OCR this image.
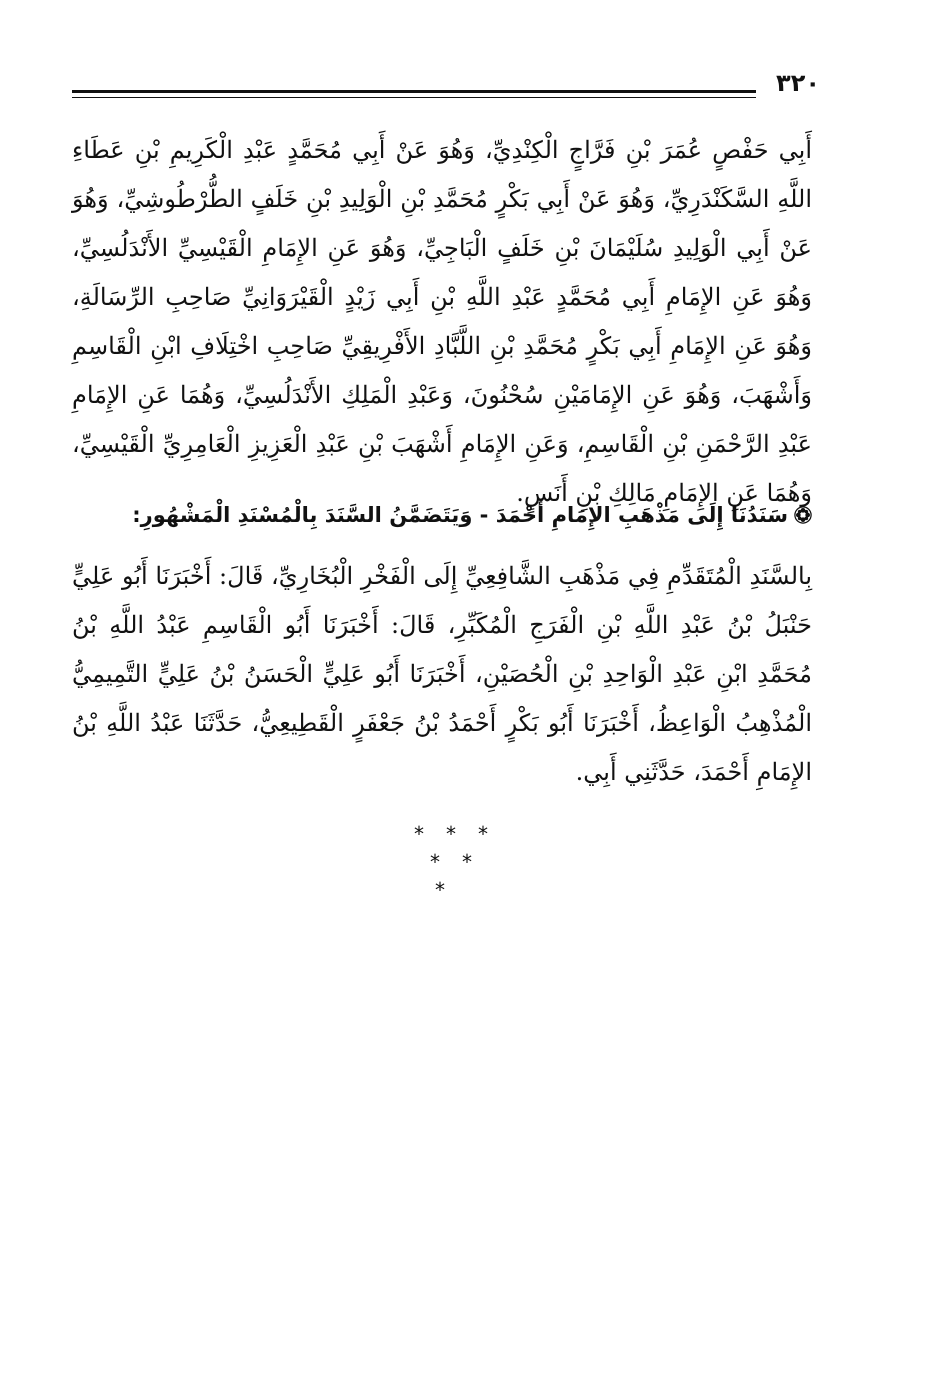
٣٢٠

أَبِي حَفْصٍ عُمَرَ بْنِ فَرَّاجٍ الْكِنْدِيِّ، وَهُوَ عَنْ أَبِي مُحَمَّدٍ عَبْدِ الْكَرِيمِ بْنِ عَطَاءِ اللَّهِ السَّكَنْدَرِيِّ، وَهُوَ عَنْ أَبِي بَكْرٍ مُحَمَّدِ بْنِ الْوَلِيدِ بْنِ خَلَفٍ الطُّرْطُوشِيِّ، وَهُوَ عَنْ أَبِي الْوَلِيدِ سُلَيْمَانَ بْنِ خَلَفٍ الْبَاجِيِّ، وَهُوَ عَنِ الإِمَامِ الْقَيْسِيِّ الأَنْدَلُسِيِّ، وَهُوَ عَنِ الإِمَامِ أَبِي مُحَمَّدٍ عَبْدِ اللَّهِ بْنِ أَبِي زَيْدٍ الْقَيْرَوَانِيِّ صَاحِبِ الرِّسَالَةِ، وَهُوَ عَنِ الإِمَامِ أَبِي بَكْرٍ مُحَمَّدِ بْنِ اللَّبَّادِ الأَفْرِيقِيِّ صَاحِبِ اخْتِلَافِ ابْنِ الْقَاسِمِ وَأَشْهَبَ، وَهُوَ عَنِ الإِمَامَيْنِ سُحْنُونَ، وَعَبْدِ الْمَلِكِ الأَنْدَلُسِيِّ، وَهُمَا عَنِ الإِمَامِ عَبْدِ الرَّحْمَنِ بْنِ الْقَاسِمِ، وَعَنِ الإِمَامِ أَشْهَبَ بْنِ عَبْدِ الْعَزِيزِ الْعَامِرِيِّ الْقَيْسِيِّ، وَهُمَا عَنِ الإِمَامِ مَالِكِ بْنِ أَنَسٍ.

سَنَدُنَا إِلَى مَذْهَبِ الإِمَامِ أَحْمَدَ - وَيَتَضَمَّنُ السَّنَدَ بِالْمُسْنَدِ الْمَشْهُورِ:

بِالسَّنَدِ الْمُتَقَدِّمِ فِي مَذْهَبِ الشَّافِعِيِّ إِلَى الْفَخْرِ الْبُخَارِيِّ، قَالَ: أَخْبَرَنَا أَبُو عَلِيٍّ حَنْبَلُ بْنُ عَبْدِ اللَّهِ بْنِ الْفَرَجِ الْمُكَبِّرِ، قَالَ: أَخْبَرَنَا أَبُو الْقَاسِمِ عَبْدُ اللَّهِ بْنُ مُحَمَّدِ ابْنِ عَبْدِ الْوَاحِدِ بْنِ الْحُصَيْنِ، أَخْبَرَنَا أَبُو عَلِيٍّ الْحَسَنُ بْنُ عَلِيٍّ التَّمِيمِيُّ الْمُذْهِبُ الْوَاعِظُ، أَخْبَرَنَا أَبُو بَكْرٍ أَحْمَدُ بْنُ جَعْفَرٍ الْقَطِيعِيُّ، حَدَّثَنَا عَبْدُ اللَّهِ بْنُ الإِمَامِ أَحْمَدَ، حَدَّثَنِي أَبِي.

***
**
*
